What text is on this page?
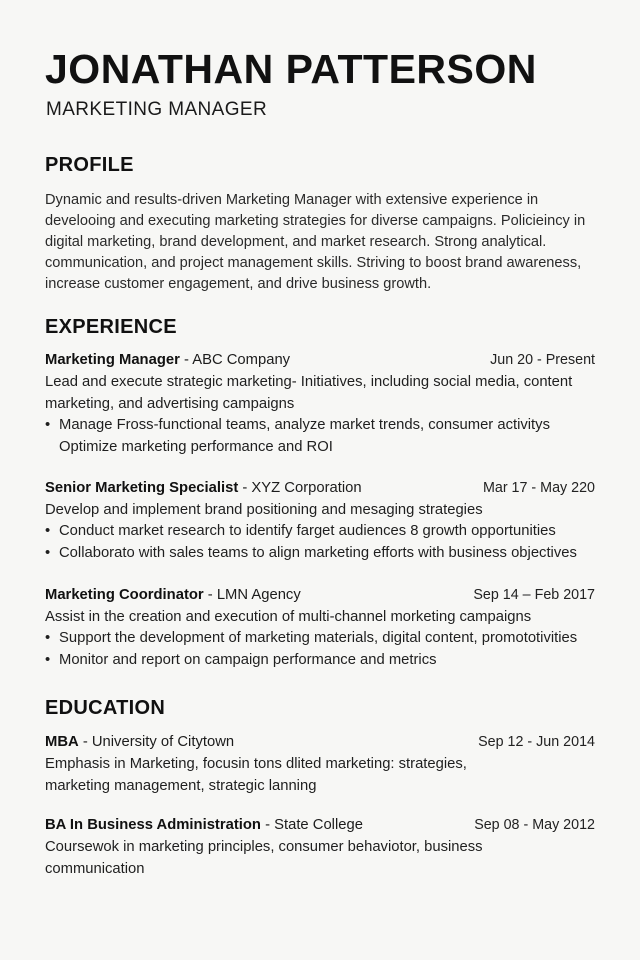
JONATHAN PATTERSON
MARKETING MANAGER
PROFILE

Dynamic and results-driven Marketing Manager with extensive experience in develooing and executing marketing strategies for diverse campaigns. Policieincy in digital marketing, brand development, and market research. Strong analytical. communication, and project management skills. Striving to boost brand awareness, increase customer engagement, and drive business growth.

EXPERIENCE
Marketing Manager - ABC Company	Jun 20 - Present

Lead and execute strategic marketing- Initiatives, including social media, content marketing, and advertising campaigns

• Manage Fross-functional teams, analyze market trends, consumer activitys Optimize marketing performance and ROI
Senior Marketing Specialist - XYZ Corporation	Mar 17 - May 220

Develop and implement brand positioning and mesaging strategies

• Conduct market research to identify farget audiences 8 growth opportunities
• Collaborato with sales teams to align marketing efforts with business objectives
Marketing Coordinator - LMN Agency	Sep 14 – Feb 2017

Assist in the creation and execution of multi-channel morketing campaigns

• Support the development of marketing materials, digital content, promototivities
• Monitor and report on campaign performance and metrics
EDUCATION
MBA - University of Citytown	Sep 12 - Jun 2014

Emphasis in Marketing, focusin tons dlited marketing: strategies, marketing management, strategic lanning

BA In Business Administration - State College	Sep 08 - May 2012

Coursewok in marketing principles, consumer behaviotor, business communication
